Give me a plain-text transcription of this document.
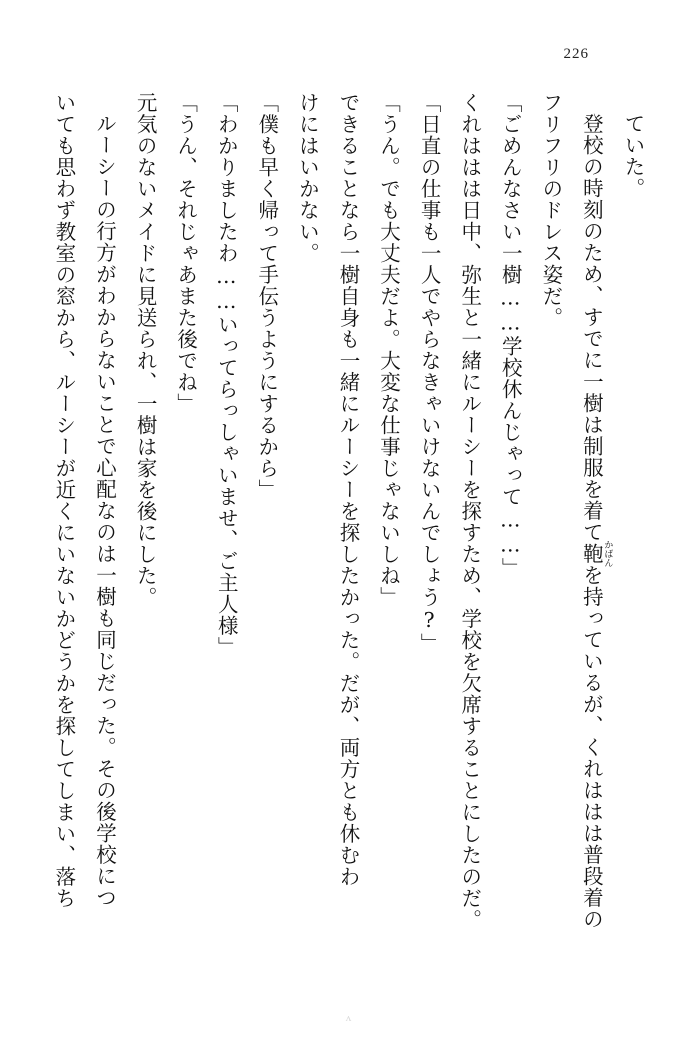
226

ていた。

登校の時刻のため、すでに一樹は制服を着て鞄 かばんを持っているが、くれははは普段着の

フリフリのドレス姿だ。

「ごめんなさい一樹……学校休んじゃって……」

くれははは日中、弥生と一緒にルーシーを探すため、学校を欠席することにしたのだ。

「日直の仕事も一人でやらなきゃいけないんでしょう?」

「うん。でも大丈夫だよ。大変な仕事じゃないしね」

できることなら一樹自身も一緒にルーシーを探したかった。だが、両方とも休むわ

けにはいかない。

「僕も早く帰って手伝うようにするから」

「わかりましたわ……いってらっしゃいませ、ご主人様」

「うん、それじゃあまた後でね」

元気のないメイドに見送られ、一樹は家を後にした。

ルーシーの行方がわからないことで心配なのは一樹も同じだった。その後学校につ

いても思わず教室の窓から、ルーシーが近くにいないかどうかを探してしまい、落ち

ʌ
